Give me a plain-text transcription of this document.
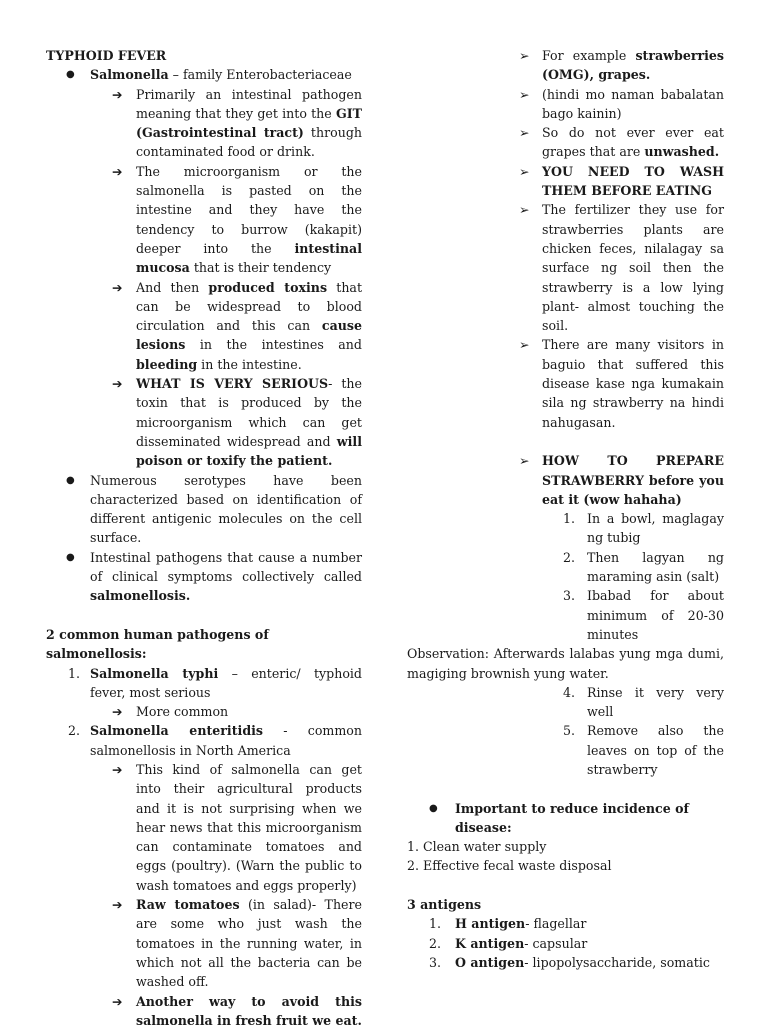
TYPHOID FEVER
●	Salmonella – family Enterobacteriaceae
➔	Primarily an intestinal pathogen meaning that they get into the GIT (Gastrointestinal tract) through contaminated food or drink.
➔	The microorganism or the salmonella is pasted on the intestine and they have the tendency to burrow (kakapit) deeper into the intestinal mucosa that is their tendency
➔	And then produced toxins that can be widespread to blood circulation and this can cause lesions in the intestines and bleeding in the intestine.
➔	WHAT IS VERY SERIOUS- the toxin that is produced by the microorganism which can get disseminated widespread and will poison or toxify the patient.
●	Numerous serotypes have been characterized based on identification of different antigenic molecules on the cell surface.
●	Intestinal pathogens that cause a number of clinical symptoms collectively called salmonellosis.
2 common human pathogens of salmonellosis:
1. Salmonella typhi – enteric/ typhoid fever, most serious
➔	More common
2. Salmonella enteritidis - common salmonellosis in North America
➔	This kind of salmonella can get into their agricultural products and it is not surprising when we hear news that this microorganism can contaminate tomatoes and eggs (poultry). (Warn the public to wash tomatoes and eggs properly)
➔	Raw tomatoes (in salad)- There are some who just wash the tomatoes in the running water, in which not all the bacteria can be washed off.
➔	Another way to avoid this salmonella in fresh fruit we eat.
➢ For example strawberries (OMG), grapes.
➢ (hindi mo naman babalatan bago kainin)
➢ So do not ever ever eat grapes that are unwashed.
➢ YOU NEED TO WASH THEM BEFORE EATING
➢ The fertilizer they use for strawberries plants are chicken feces, nilalagay sa surface ng soil then the strawberry is a low lying plant- almost touching the soil.
➢ There are many visitors in baguio that suffered this disease kase nga kumakain sila ng strawberry na hindi nahugasan.
➢ HOW TO PREPARE STRAWBERRY before you eat it (wow hahaha)
1. In a bowl, maglagay ng tubig
2. Then lagyan ng maraming asin (salt)
3. Ibabad for about minimum of 20-30 minutes
Observation: Afterwards lalabas yung mga dumi, magiging brownish yung water.
4. Rinse it very very well
5. Remove also the leaves on top of the strawberry
●	Important to reduce incidence of disease:
1. Clean water supply
2. Effective fecal waste disposal
3 antigens
1.	H antigen- flagellar
2.	K antigen- capsular
3.	O antigen- lipopolysaccharide, somatic
